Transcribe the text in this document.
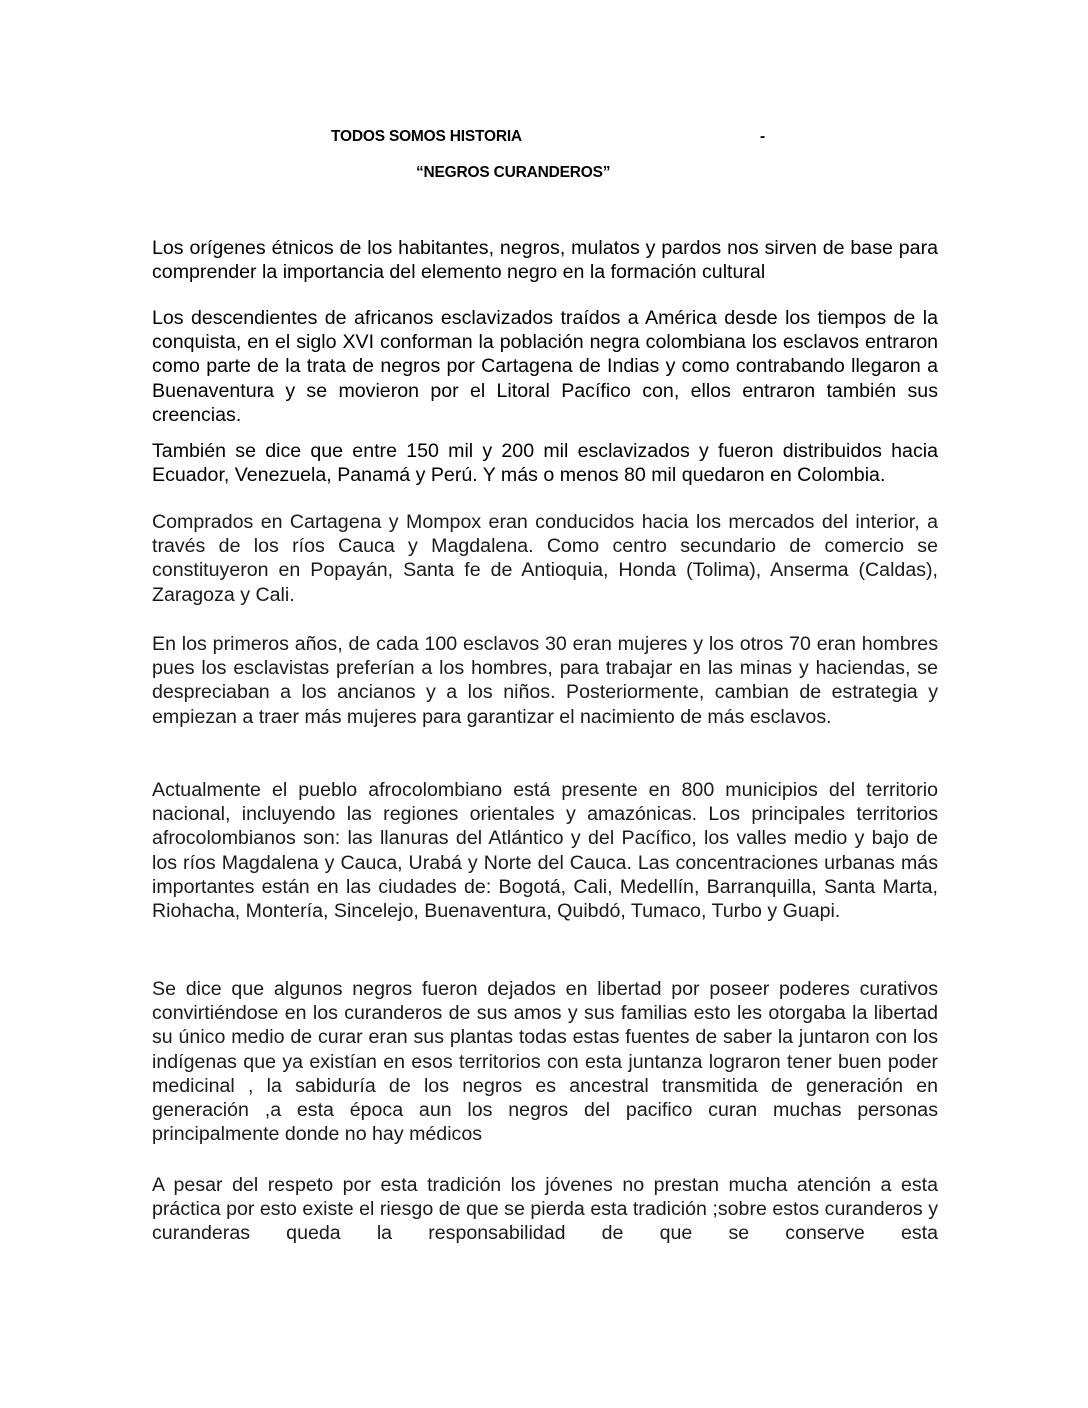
TODOS SOMOS HISTORIA	-
“NEGROS CURANDEROS”

Los orígenes étnicos de los habitantes, negros, mulatos y pardos nos sirven de base para comprender la importancia del elemento negro en la formación cultural

Los descendientes de africanos esclavizados traídos a América desde los tiempos de la conquista, en el siglo XVI conforman la población negra colombiana los esclavos entraron como parte de la trata de negros por Cartagena de Indias y como contrabando llegaron a Buenaventura y se movieron por el Litoral Pacífico con, ellos entraron también sus creencias.

También se dice que entre 150 mil y 200 mil esclavizados y fueron distribuidos hacia Ecuador, Venezuela, Panamá y Perú. Y más o menos 80 mil quedaron en Colombia.

Comprados en Cartagena y Mompox eran conducidos hacia los mercados del interior, a través de los ríos Cauca y Magdalena. Como centro secundario de comercio se constituyeron en Popayán, Santa fe de Antioquia, Honda (Tolima), Anserma (Caldas), Zaragoza y Cali.

En los primeros años, de cada 100 esclavos 30 eran mujeres y los otros 70 eran hombres pues los esclavistas preferían a los hombres, para trabajar en las minas y haciendas, se despreciaban a los ancianos y a los niños. Posteriormente, cambian de estrategia y empiezan a traer más mujeres para garantizar el nacimiento de más esclavos.

Actualmente el pueblo afrocolombiano está presente en 800 municipios del territorio nacional, incluyendo las regiones orientales y amazónicas. Los principales territorios afrocolombianos son: las llanuras del Atlántico y del Pacífico, los valles medio y bajo de los ríos Magdalena y Cauca, Urabá y Norte del Cauca. Las concentraciones urbanas más importantes están en las ciudades de: Bogotá, Cali, Medellín, Barranquilla, Santa Marta, Riohacha, Montería, Sincelejo, Buenaventura, Quibdó, Tumaco, Turbo y Guapi.

Se dice que algunos negros fueron dejados en libertad por poseer poderes curativos convirtiéndose en los curanderos de sus amos y sus familias esto les otorgaba la libertad su único medio de curar eran sus plantas todas estas fuentes de saber la juntaron con los indígenas que ya existían en esos territorios con esta juntanza lograron tener buen poder medicinal , la sabiduría de los negros es ancestral transmitida de generación en generación ,a esta época aun los negros del pacifico curan muchas personas principalmente donde no hay médicos

A pesar del respeto por esta tradición los jóvenes no prestan mucha atención a esta práctica por esto existe el riesgo de que se pierda esta tradición ;sobre estos curanderos y curanderas queda la responsabilidad de que se conserve esta
